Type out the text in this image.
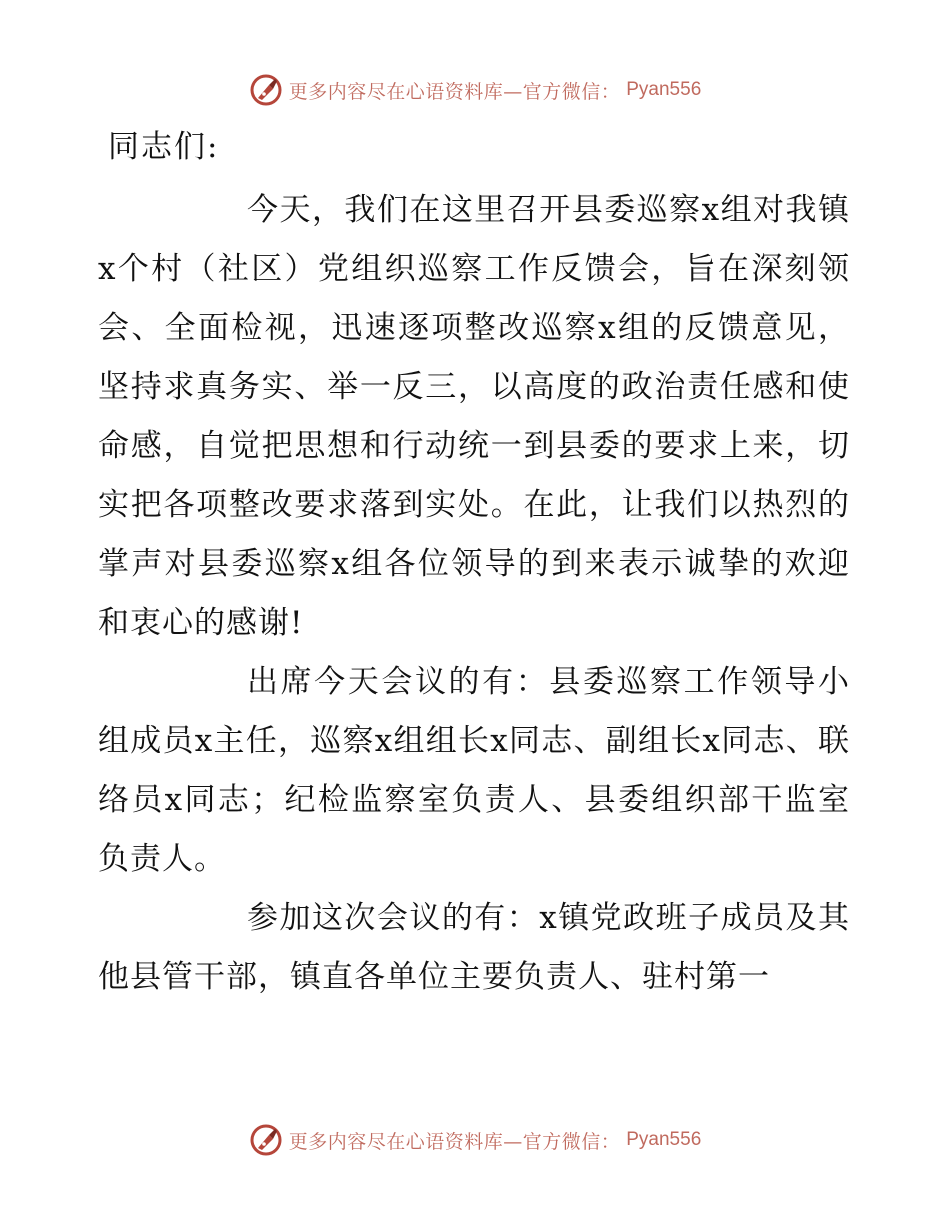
更多内容尽在心语资料库—官方微信： Pyan556
同志们:

今天，我们在这里召开县委巡察x组对我镇x个村（社区）党组织巡察工作反馈会，旨在深刻领会、全面检视，迅速逐项整改巡察x组的反馈意见，坚持求真务实、举一反三，以高度的政治责任感和使命感，自觉把思想和行动统一到县委的要求上来，切实把各项整改要求落到实处。在此，让我们以热烈的掌声对县委巡察x组各位领导的到来表示诚挚的欢迎和衷心的感谢!

出席今天会议的有：县委巡察工作领导小组成员x主任，巡察x组组长x同志、副组长x同志、联络员x同志；纪检监察室负责人、县委组织部干监室负责人。

参加这次会议的有：x镇党政班子成员及其他县管干部，镇直各单位主要负责人、驻村第一

更多内容尽在心语资料库—官方微信： Pyan556
